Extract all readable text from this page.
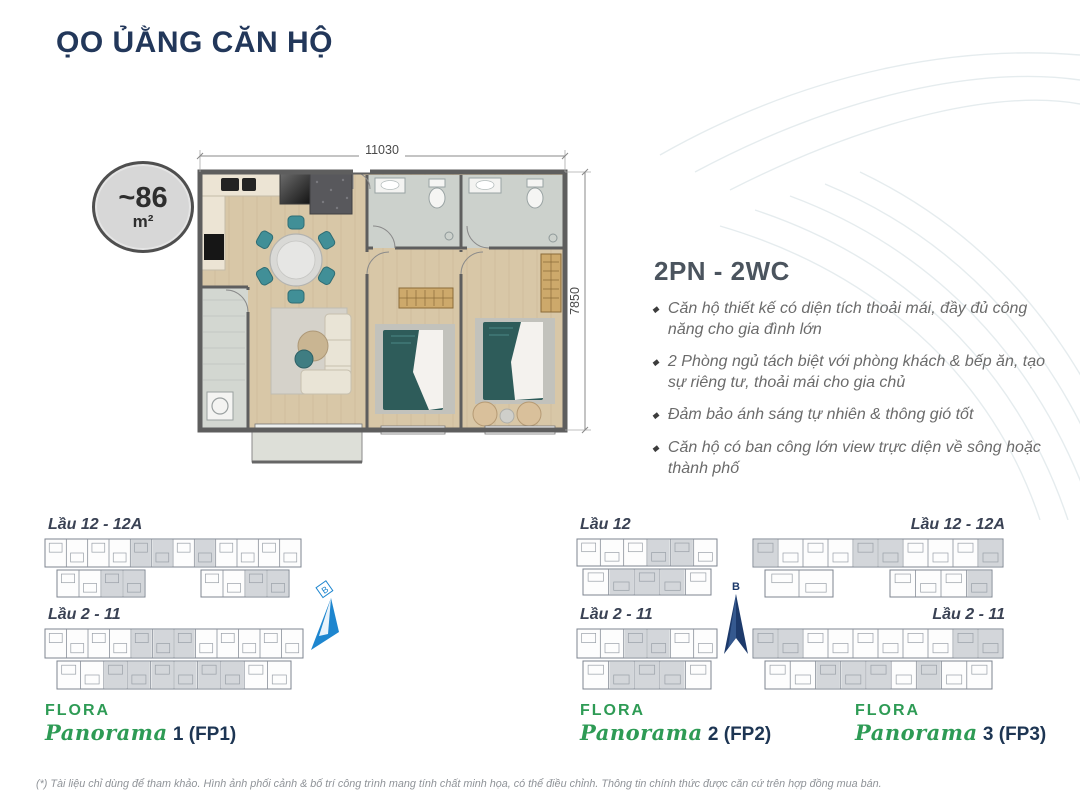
ỌO ỦẰNG CĂN HỘ
~86
m²
11030
7850
2PN - 2WC
◆ Căn hộ thiết kế có diện tích thoải mái, đầy đủ công năng cho gia đình lớn
◆ 2 Phòng ngủ tách biệt với phòng khách & bếp ăn, tạo sự riêng tư, thoải mái cho gia chủ
◆ Đảm bảo ánh sáng tự nhiên & thông gió tốt
◆ Căn hộ có ban công lớn view trực diện về sông hoặc thành phố
Lầu 12 - 12A
Lầu 2 - 11
B
FLORA
Panorama 1 (FP1)
Lầu 12
Lầu 2 - 11
B
FLORA
Panorama 2 (FP2)
Lầu 12 - 12A
Lầu 2 - 11
FLORA
Panorama 3 (FP3)
(*) Tài liệu chỉ dùng để tham khảo. Hình ảnh phối cảnh & bố trí công trình mang tính chất minh họa, có thể điều chỉnh. Thông tin chính thức được căn cứ trên hợp đồng mua bán.
